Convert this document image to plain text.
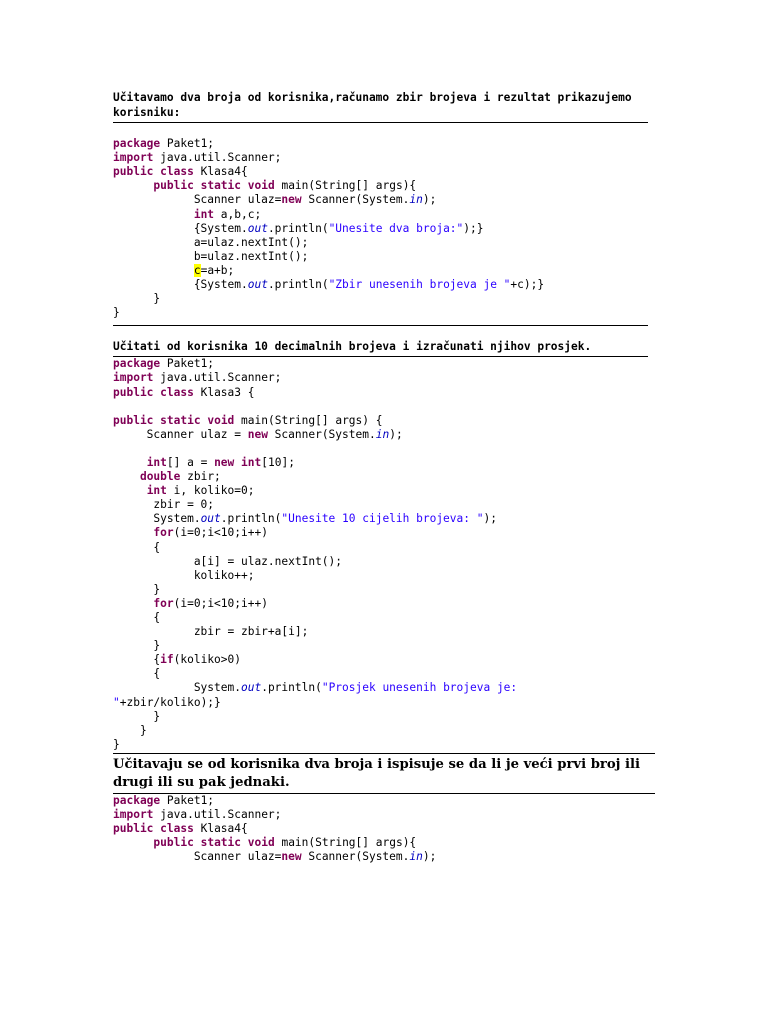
Učitavamo dva broja od korisnika,računamo zbir brojeva i rezultat prikazujemo korisniku:

package Paket1;
import java.util.Scanner;
public class Klasa4{
public static void main(String[] args){
Scanner ulaz=new Scanner(System.in);
int a,b,c;
{System.out.println("Unesite dva broja:");}
a=ulaz.nextInt();
b=ulaz.nextInt();
c=a+b;
{System.out.println("Zbir unesenih brojeva je "+c);}
}
}

Učitati od korisnika 10 decimalnih brojeva i izračunati njihov prosjek.

package Paket1;
import java.util.Scanner;
public class Klasa3 {

public static void main(String[] args) {
Scanner ulaz = new Scanner(System.in);

int[] a = new int[10];
double zbir;
int i, koliko=0;
zbir = 0;
System.out.println("Unesite 10 cijelih brojeva: ");
for(i=0;i<10;i++)
{
a[i] = ulaz.nextInt();
koliko++;
}
for(i=0;i<10;i++)
{
zbir = zbir+a[i];
}
{if(koliko>0)
{
System.out.println("Prosjek unesenih brojeva je:
"+zbir/koliko);}
}
}
}

Učitavaju se od korisnika dva broja i ispisuje se da li je veći prvi broj ili drugi ili su pak jednaki.

package Paket1;
import java.util.Scanner;
public class Klasa4{
public static void main(String[] args){
Scanner ulaz=new Scanner(System.in);
